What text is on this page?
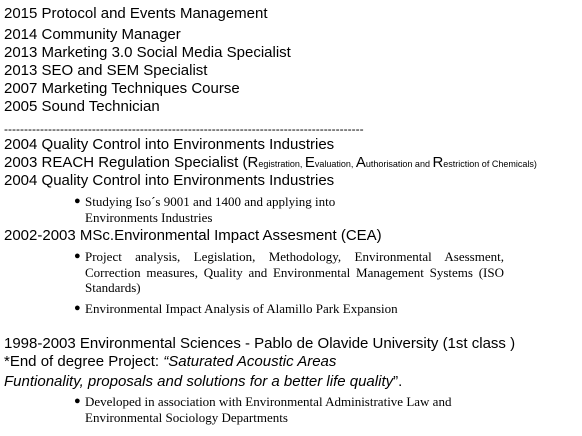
2015 Protocol and Events Management
2014 Community Manager
2013 Marketing 3.0 Social Media Specialist
2013 SEO and SEM Specialist
2007 Marketing Techniques Course
2005 Sound Technician
------------------------------------------------------------------------------------------
2004 Quality Control into Environments Industries
2003 REACH Regulation Specialist (Registration, Evaluation, Authorisation and Restriction of Chemicals)
2004 Quality Control into Environments Industries
● Studying Iso´s 9001 and 1400 and applying into Environments Industries
2002-2003 MSc.Environmental Impact Assesment (CEA)
● Project analysis, Legislation, Methodology, Environmental Asessment, Correction measures, Quality and Environmental Management Systems (ISO Standards)
● Environmental Impact Analysis of Alamillo Park Expansion
1998-2003 Environmental Sciences - Pablo de Olavide University (1st class )
*End of degree Project: “Saturated Acoustic Areas
Funtionality, proposals and solutions for a better life quality”.
● Developed in association with Environmental Administrative Law and Environmental Sociology Departments
